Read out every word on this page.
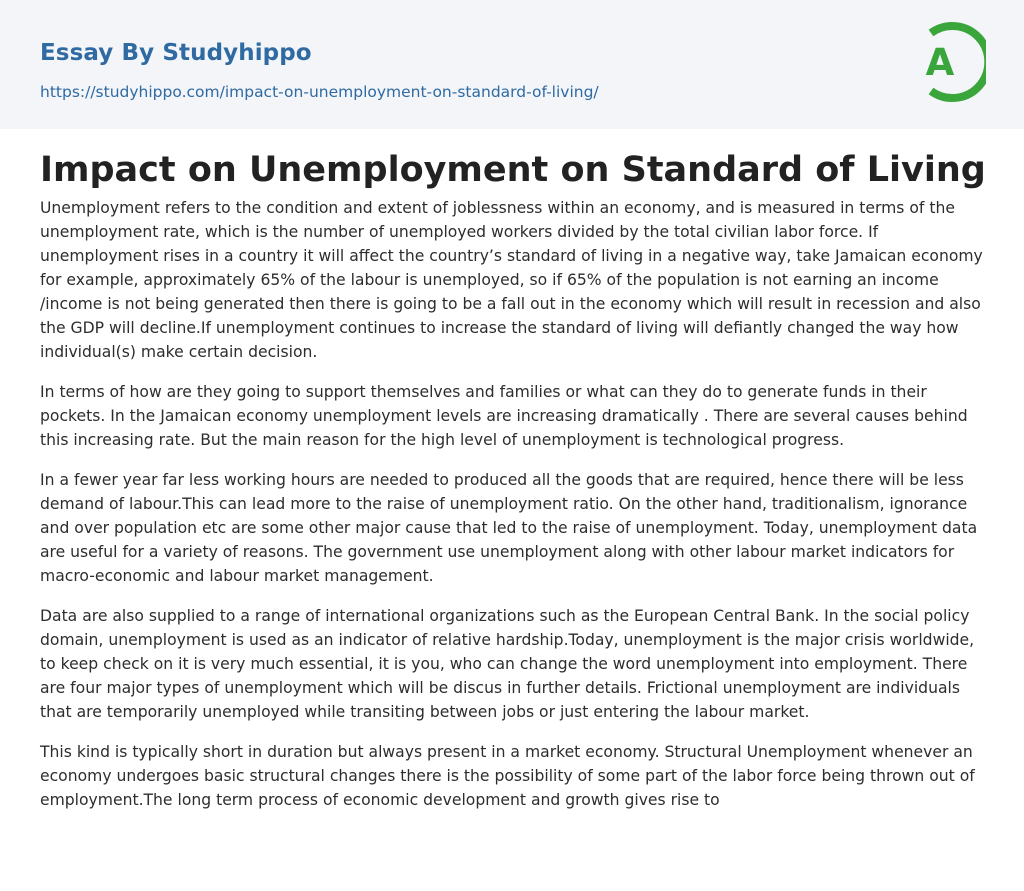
Essay By Studyhippo
https://studyhippo.com/impact-on-unemployment-on-standard-of-living/
A
Impact on Unemployment on Standard of Living

Unemployment refers to the condition and extent of joblessness within an economy, and is measured in terms of the unemployment rate, which is the number of unemployed workers divided by the total civilian labor force. If unemployment rises in a country it will affect the country’s standard of living in a negative way, take Jamaican economy for example, approximately 65% of the labour is unemployed, so if 65% of the population is not earning an income /income is not being generated then there is going to be a fall out in the economy which will result in recession and also the GDP will decline.If unemployment continues to increase the standard of living will defiantly changed the way how individual(s) make certain decision.

In terms of how are they going to support themselves and families or what can they do to generate funds in their pockets. In the Jamaican economy unemployment levels are increasing dramatically . There are several causes behind this increasing rate. But the main reason for the high level of unemployment is technological progress.

In a fewer year far less working hours are needed to produced all the goods that are required, hence there will be less demand of labour.This can lead more to the raise of unemployment ratio. On the other hand, traditionalism, ignorance and over population etc are some other major cause that led to the raise of unemployment. Today, unemployment data are useful for a variety of reasons. The government use unemployment along with other labour market indicators for macro-economic and labour market management.

Data are also supplied to a range of international organizations such as the European Central Bank. In the social policy domain, unemployment is used as an indicator of relative hardship.Today, unemployment is the major crisis worldwide, to keep check on it is very much essential, it is you, who can change the word unemployment into employment. There are four major types of unemployment which will be discus in further details. Frictional unemployment are individuals that are temporarily unemployed while transiting between jobs or just entering the labour market.

This kind is typically short in duration but always present in a market economy. Structural Unemployment whenever an economy undergoes basic structural changes there is the possibility of some part of the labor force being thrown out of employment.The long term process of economic development and growth gives rise to
